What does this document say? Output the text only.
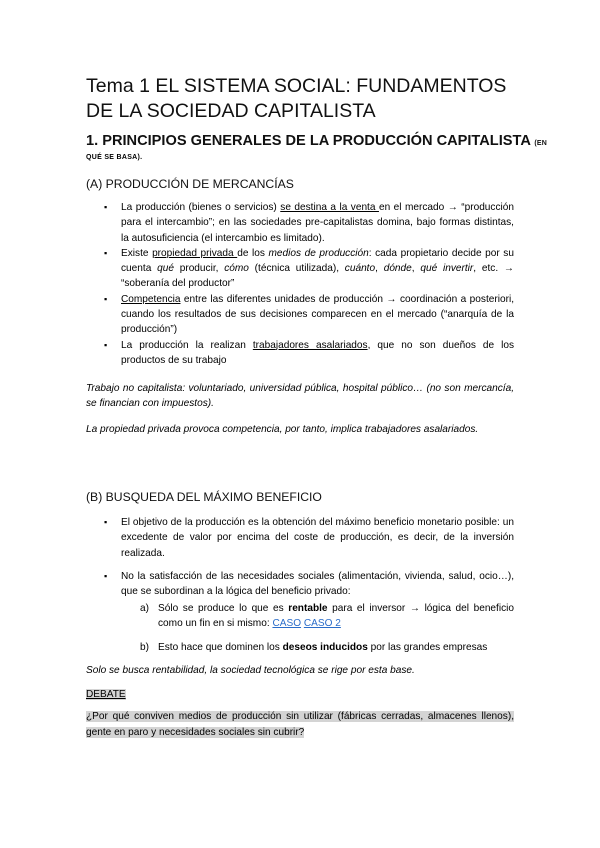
Tema 1 EL SISTEMA SOCIAL: FUNDAMENTOS DE LA SOCIEDAD CAPITALISTA
1. PRINCIPIOS GENERALES DE LA PRODUCCIÓN CAPITALISTA (EN
QUÉ SE BASA).
(A) PRODUCCIÓN DE MERCANCÍAS
▪	La producción (bienes o servicios) se destina a la venta en el mercado → “producción para el intercambio”; en las sociedades pre-capitalistas domina, bajo formas distintas, la autosuficiencia (el intercambio es limitado).
▪	Existe propiedad privada de los medios de producción: cada propietario decide por su cuenta qué producir, cómo (técnica utilizada), cuánto, dónde, qué invertir, etc. → “soberanía del productor”
▪	Competencia entre las diferentes unidades de producción → coordinación a posteriori, cuando los resultados de sus decisiones comparecen en el mercado (“anarquía de la producción”)
▪	La producción la realizan trabajadores asalariados, que no son dueños de los productos de su trabajo

Trabajo no capitalista: voluntariado, universidad pública, hospital público… (no son mercancía, se financian con impuestos).

La propiedad privada provoca competencia, por tanto, implica trabajadores asalariados.

(B) BUSQUEDA DEL MÁXIMO BENEFICIO
▪	El objetivo de la producción es la obtención del máximo beneficio monetario posible: un excedente de valor por encima del coste de producción, es decir, de la inversión realizada.
▪	No la satisfacción de las necesidades sociales (alimentación, vivienda, salud, ocio…), que se subordinan a la lógica del beneficio privado:
a) Sólo se produce lo que es rentable para el inversor → lógica del beneficio como un fin en si mismo: CASO CASO 2
b) Esto hace que dominen los deseos inducidos por las grandes empresas

Solo se busca rentabilidad, la sociedad tecnológica se rige por esta base.

DEBATE

¿Por qué conviven medios de producción sin utilizar (fábricas cerradas, almacenes llenos), gente en paro y necesidades sociales sin cubrir?
